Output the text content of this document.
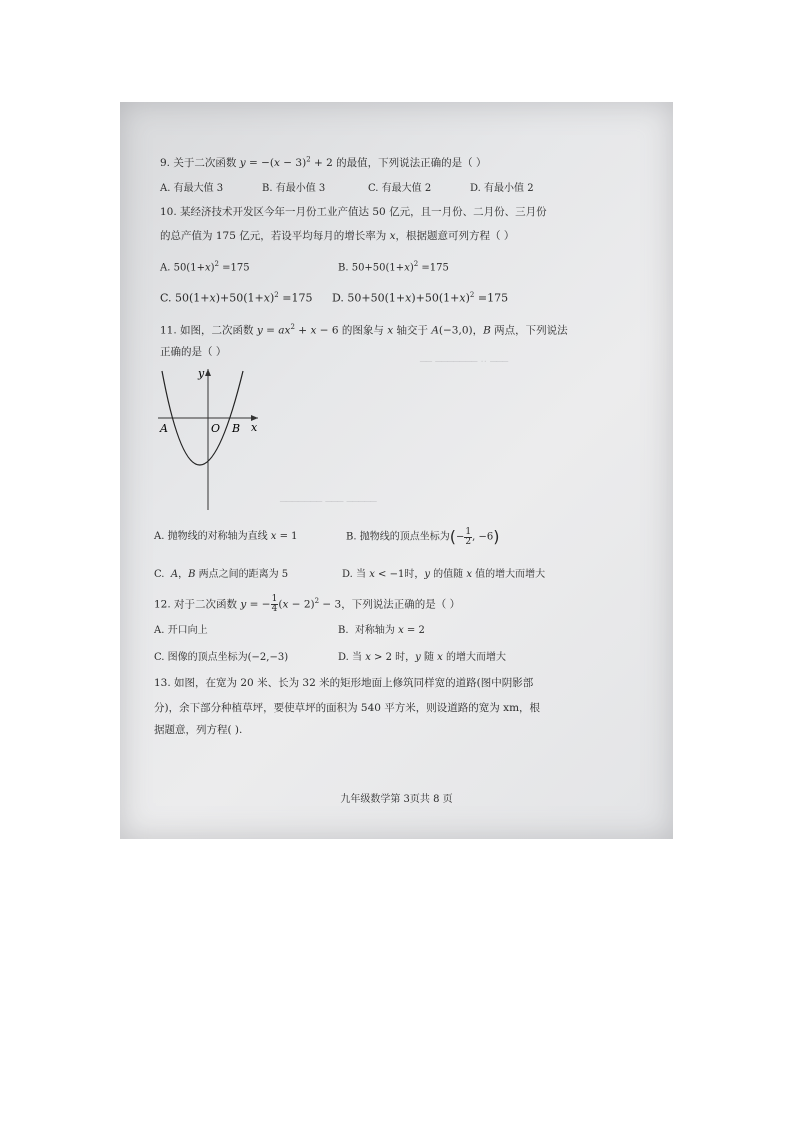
── ─────── ·· ───
─────── ─── ─────
9. 关于二次函数 $y = -(x - 3)^2 + 2$ 的最值，下列说法正确的是（ ）
A. 有最大值 3	B. 有最小值 3	C. 有最大值 2	D. 有最小值 2
10. 某经济技术开发区今年一月份工业产值达 50 亿元，且一月份、二月份、三月份
的总产值为 175 亿元，若设平均每月的增长率为 x，根据题意可列方程（ ）
A. $50(1+x)^2 =175$	B. $50+50(1+x)^2 =175$
C. $50(1+x)+50(1+x)^2 =175$ D. $50+50(1+x)+50(1+x)^2 =175$
11. 如图，二次函数 $y = ax^2 + x - 6$ 的图象与 x 轴交于 A(−3,0)，B 两点，下列说法
正确的是（ ）
y
x
A	O B
A. 抛物线的对称轴为直线 x = 1	B. 抛物线的顶点坐标为(− $\frac{1}{2}$ , −6)
C.  A，B 两点之间的距离为 5	D. 当 x < −1时，y 的值随 x 值的增大而增大
12. 对于二次函数 y = − $\frac{1}{4} (x - 2)^2 - 3$，下列说法正确的是（ ）
A. 开口向上	B.  对称轴为 x = 2
C. 图像的顶点坐标为(−2,−3)	D. 当 x > 2 时，y 随 x 的增大而增大
13. 如图，在宽为 20 米、长为 32 米的矩形地面上修筑同样宽的道路(图中阴影部
分)，余下部分种植草坪，要使草坪的面积为 540 平方米，则设道路的宽为 xm，根
据题意，列方程( ).
九年级数学第 3页共 8 页
